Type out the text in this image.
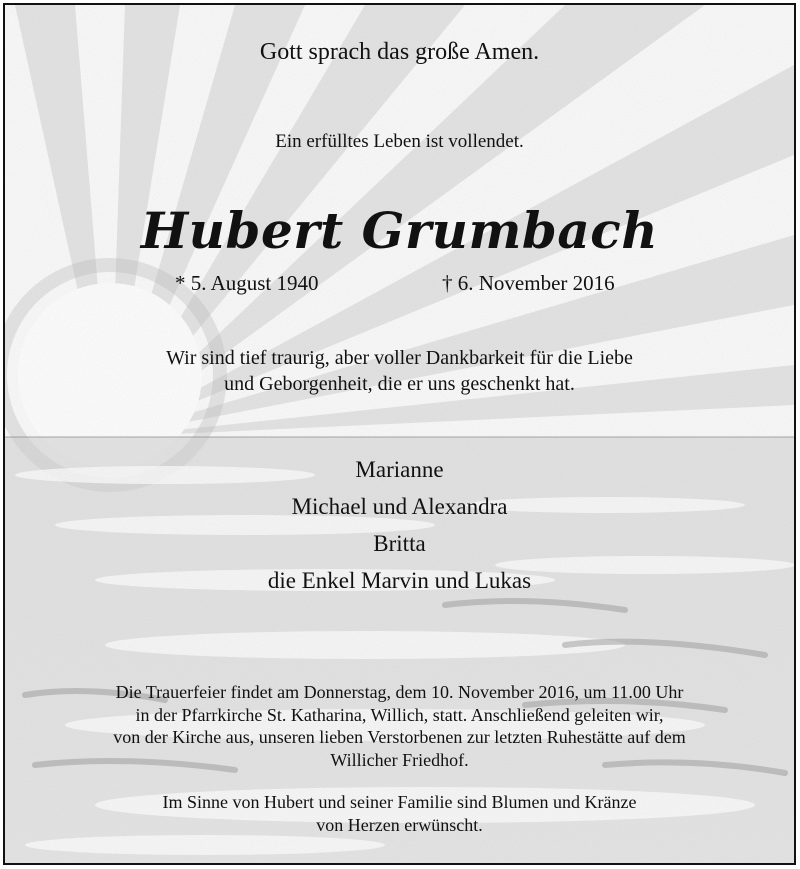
Gott sprach das große Amen.
Ein erfülltes Leben ist vollendet.
Hubert Grumbach
* 5. August 1940	† 6. November 2016
Wir sind tief traurig, aber voller Dankbarkeit für die Liebe
und Geborgenheit, die er uns geschenkt hat.
Marianne
Michael und Alexandra
Britta
die Enkel Marvin und Lukas
Die Trauerfeier findet am Donnerstag, dem 10. November 2016, um 11.00 Uhr
in der Pfarrkirche St. Katharina, Willich, statt. Anschließend geleiten wir,
von der Kirche aus, unseren lieben Verstorbenen zur letzten Ruhestätte auf dem
Willicher Friedhof.
Im Sinne von Hubert und seiner Familie sind Blumen und Kränze
von Herzen erwünscht.
